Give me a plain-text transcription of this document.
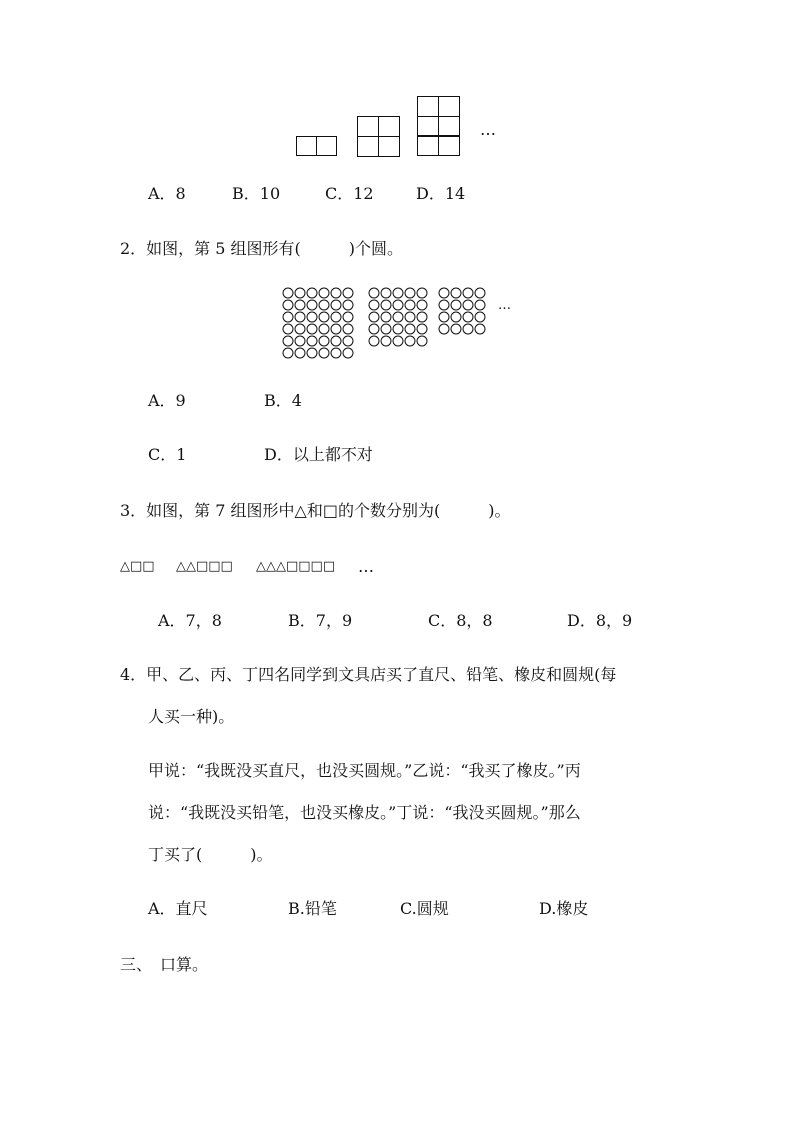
…
A．8	B．10	C．12	D．14
2．如图，第 5 组图形有(　　　)个圆。
…
A．9	B．4
C．1	D．以上都不对
3．如图，第 7 组图形中△和□的个数分别为(　　　)。
△□□ △△□□□ △△△□□□□ …
A．7，8	B．7，9	C．8，8	D．8，9
4．甲、乙、丙、丁四名同学到文具店买了直尺、铅笔、橡皮和圆规(每
人买一种)。
甲说：“我既没买直尺，也没买圆规。”乙说：“我买了橡皮。”丙
说：“我既没买铅笔，也没买橡皮。”丁说：“我没买圆规。”那么
丁买了(　　　)。
A．直尺	B.铅笔	C.圆规	D.橡皮
三、　口算。
